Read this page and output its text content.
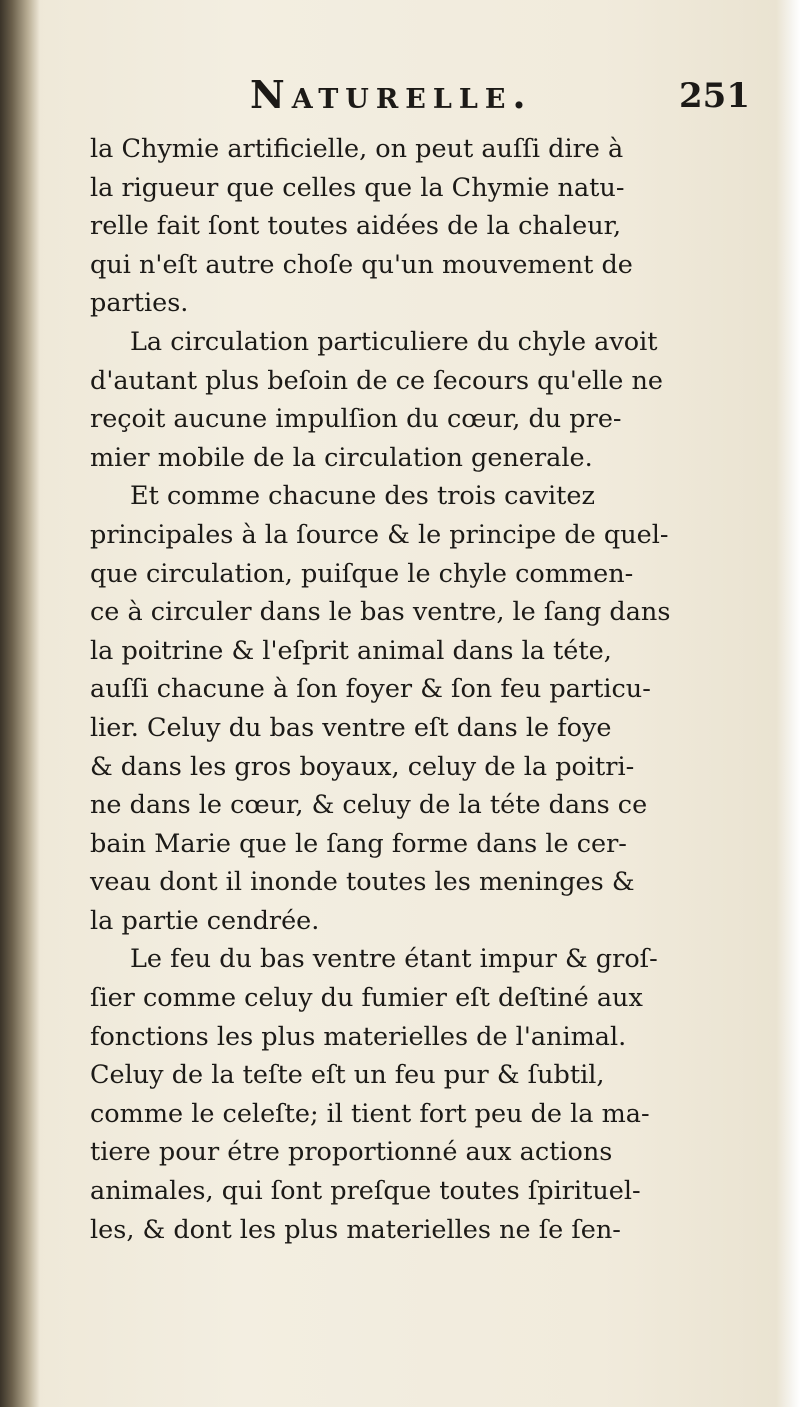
Naturelle.	251
la Chymie artificielle, on peut auſſi dire à
la rigueur que celles que la Chymie natu-
relle fait ſont toutes aidées de la chaleur,
qui n'eſt autre choſe qu'un mouvement de
parties.
La circulation particuliere du chyle avoit
d'autant plus beſoin de ce ſecours qu'elle ne
reçoit aucune impulſion du cœur, du pre-
mier mobile de la circulation generale.
Et comme chacune des trois cavitez
principales à la ſource & le principe de quel-
que circulation, puiſque le chyle commen-
ce à circuler dans le bas ventre, le ſang dans
la poitrine & l'eſprit animal dans la téte,
auſſi chacune à ſon foyer & ſon feu particu-
lier. Celuy du bas ventre eſt dans le foye
& dans les gros boyaux, celuy de la poitri-
ne dans le cœur, & celuy de la téte dans ce
bain Marie que le ſang forme dans le cer-
veau dont il inonde toutes les meninges &
la partie cendrée.
Le feu du bas ventre étant impur & groſ-
ſier comme celuy du fumier eſt deſtiné aux
fonctions les plus materielles de l'animal.
Celuy de la teſte eſt un feu pur & ſubtil,
comme le celeſte; il tient fort peu de la ma-
tiere pour étre proportionné aux actions
animales, qui ſont preſque toutes ſpirituel-
les, & dont les plus materielles ne ſe ſen-
